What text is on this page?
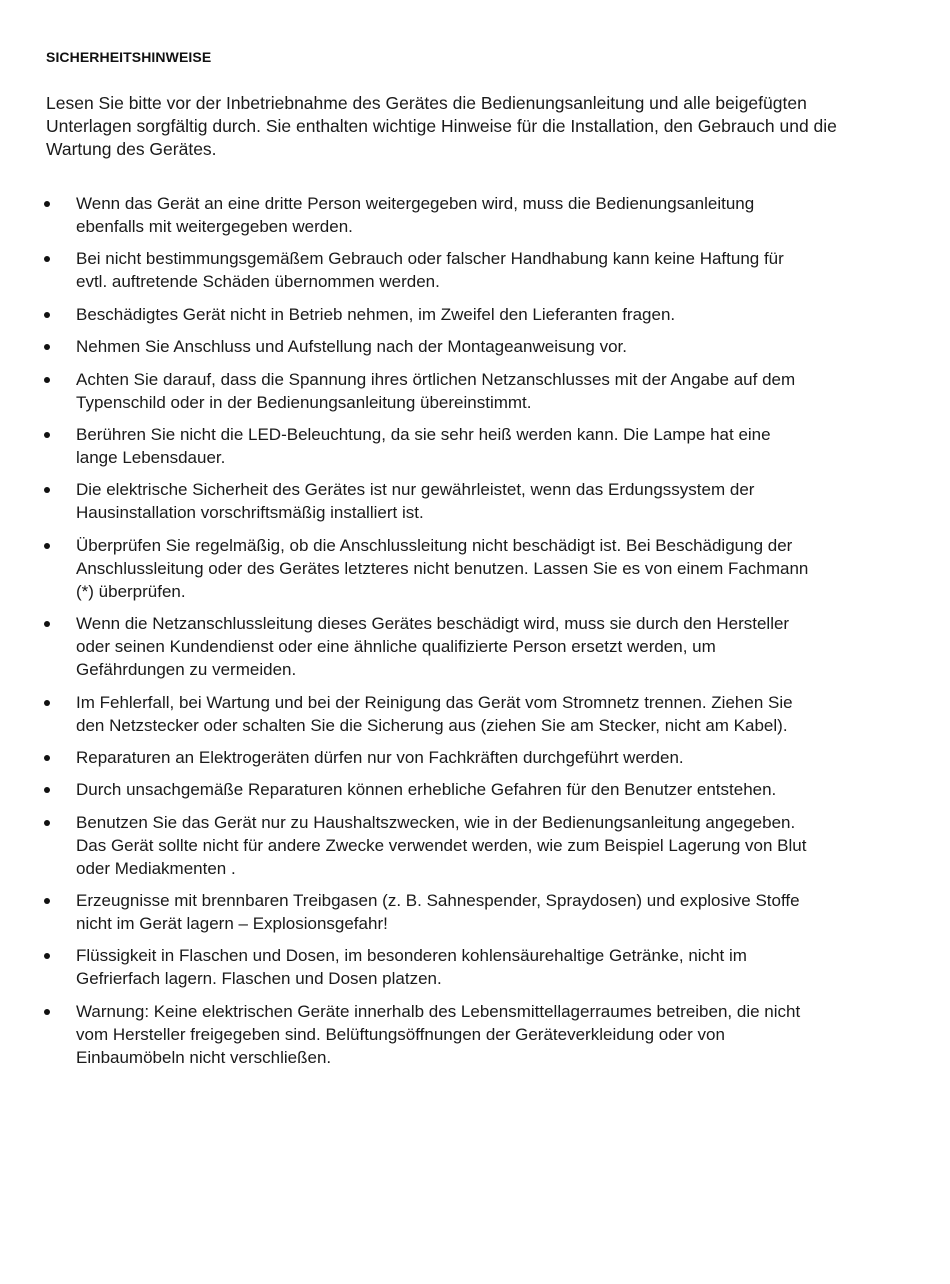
SICHERHEITSHINWEISE

Lesen Sie bitte vor der Inbetriebnahme des Gerätes die Bedienungsanleitung und alle beigefügten Unterlagen sorgfältig durch. Sie enthalten wichtige Hinweise für die Installation, den Gebrauch und die Wartung des Gerätes.

Wenn das Gerät an eine dritte Person weitergegeben wird, muss die Bedienungsanleitung ebenfalls mit weitergegeben werden.
Bei nicht bestimmungsgemäßem Gebrauch oder falscher Handhabung kann keine Haftung für evtl. auftretende Schäden übernommen werden.
Beschädigtes Gerät nicht in Betrieb nehmen, im Zweifel den Lieferanten fragen.
Nehmen Sie Anschluss und Aufstellung nach der Montageanweisung vor.
Achten Sie darauf, dass die Spannung ihres örtlichen Netzanschlusses mit der Angabe auf dem Typenschild oder in der Bedienungsanleitung übereinstimmt.
Berühren Sie nicht die LED-Beleuchtung, da sie sehr heiß werden kann. Die Lampe hat eine lange Lebensdauer.
Die elektrische Sicherheit des Gerätes ist nur gewährleistet, wenn das Erdungssystem der Hausinstallation vorschriftsmäßig installiert ist.
Überprüfen Sie regelmäßig, ob die Anschlussleitung nicht beschädigt ist. Bei Beschädigung der Anschlussleitung oder des Gerätes letzteres nicht benutzen. Lassen Sie es von einem Fachmann (*) überprüfen.
Wenn die Netzanschlussleitung dieses Gerätes beschädigt wird, muss sie durch den Hersteller oder seinen Kundendienst oder eine ähnliche qualifizierte Person ersetzt werden, um Gefährdungen zu vermeiden.
Im Fehlerfall, bei Wartung und bei der Reinigung das Gerät vom Stromnetz trennen. Ziehen Sie den Netzstecker oder schalten Sie die Sicherung aus (ziehen Sie am Stecker, nicht am Kabel).
Reparaturen an Elektrogeräten dürfen nur von Fachkräften durchgeführt werden.
Durch unsachgemäße Reparaturen können erhebliche Gefahren für den Benutzer entstehen.
Benutzen Sie das Gerät nur zu Haushaltszwecken, wie in der Bedienungsanleitung angegeben. Das Gerät sollte nicht für andere Zwecke verwendet werden, wie zum Beispiel Lagerung von Blut oder Mediakmenten .
Erzeugnisse mit brennbaren Treibgasen (z. B. Sahnespender, Spraydosen) und explosive Stoffe nicht im Gerät lagern – Explosionsgefahr!
Flüssigkeit in Flaschen und Dosen, im besonderen kohlensäurehaltige Getränke, nicht im Gefrierfach lagern. Flaschen und Dosen platzen.
Warnung: Keine elektrischen Geräte innerhalb des Lebensmittellagerraumes betreiben, die nicht vom Hersteller freigegeben sind. Belüftungsöffnungen der Geräteverkleidung oder von Einbaumöbeln nicht verschließen.
